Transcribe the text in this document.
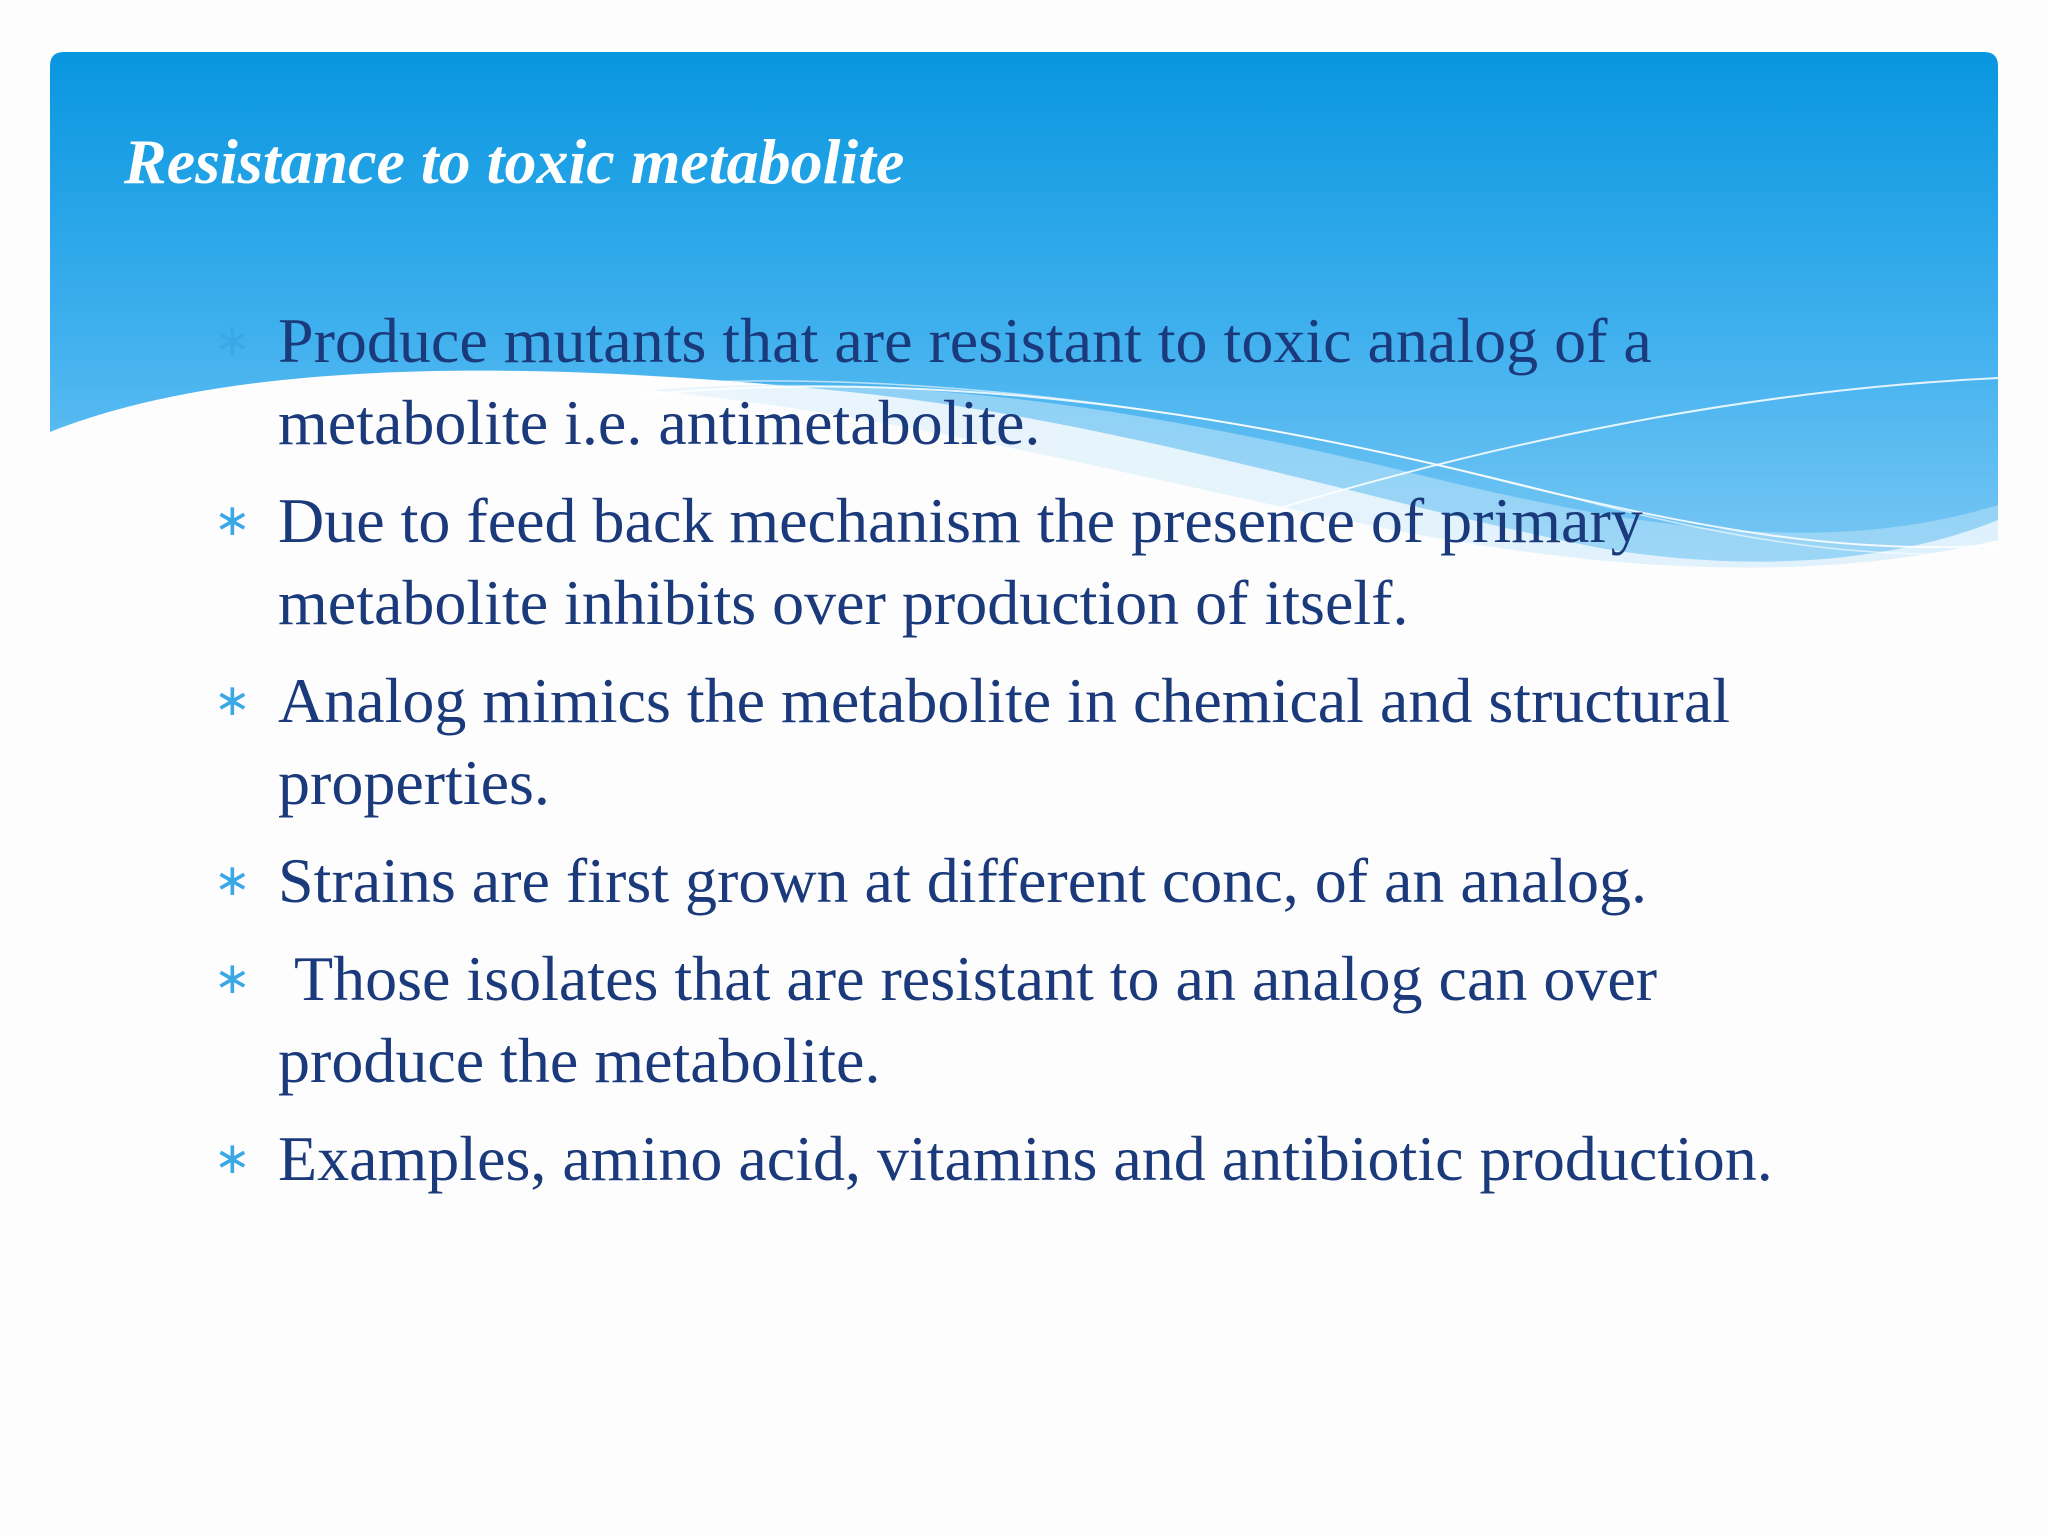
Resistance to toxic metabolite
∗ Produce mutants that are resistant to toxic analog of a metabolite i.e. antimetabolite.
∗ Due to feed back mechanism the presence of primary metabolite inhibits over production of itself.
∗ Analog mimics the metabolite in chemical and structural properties.
∗ Strains are first grown at different conc, of an analog.
∗ Those isolates that are resistant to an analog can over produce the metabolite.
∗ Examples, amino acid, vitamins and antibiotic production.
